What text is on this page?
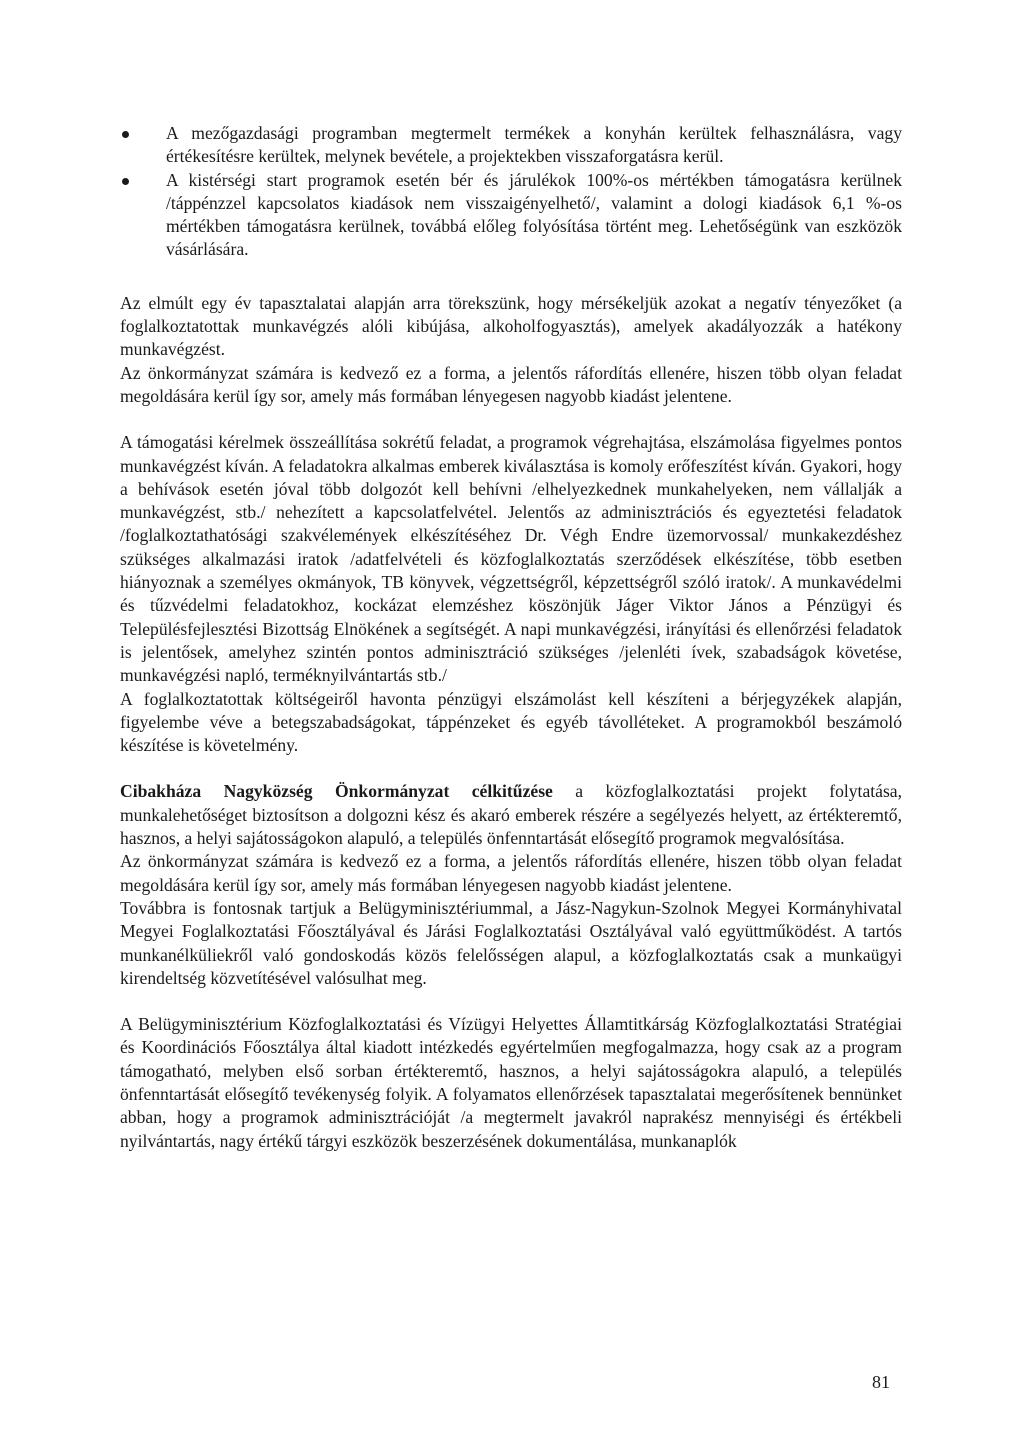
A mezőgazdasági programban megtermelt termékek a konyhán kerültek felhasználásra, vagy értékesítésre kerültek, melynek bevétele, a projektekben visszaforgatásra kerül.
A kistérségi start programok esetén bér és járulékok 100%-os mértékben támogatásra kerülnek /táppénzzel kapcsolatos kiadások nem visszaigényelhető/, valamint a dologi kiadások 6,1 %-os mértékben támogatásra kerülnek, továbbá előleg folyósítása történt meg. Lehetőségünk van eszközök vásárlására.

Az elmúlt egy év tapasztalatai alapján arra törekszünk, hogy mérsékeljük azokat a negatív tényezőket (a foglalkoztatottak munkavégzés alóli kibújása, alkoholfogyasztás), amelyek akadályozzák a hatékony munkavégzést.

Az önkormányzat számára is kedvező ez a forma, a jelentős ráfordítás ellenére, hiszen több olyan feladat megoldására kerül így sor, amely más formában lényegesen nagyobb kiadást jelentene.

A támogatási kérelmek összeállítása sokrétű feladat, a programok végrehajtása, elszámolása figyelmes pontos munkavégzést kíván. A feladatokra alkalmas emberek kiválasztása is komoly erőfeszítést kíván. Gyakori, hogy a behívások esetén jóval több dolgozót kell behívni /elhelyezkednek munkahelyeken, nem vállalják a munkavégzést, stb./ nehezített a kapcsolatfelvétel. Jelentős az adminisztrációs és egyeztetési feladatok /foglalkoztathatósági szakvélemények elkészítéséhez Dr. Végh Endre üzemorvossal/ munkakezdéshez szükséges alkalmazási iratok /adatfelvételi és közfoglalkoztatás szerződések elkészítése, több esetben hiányoznak a személyes okmányok, TB könyvek, végzettségről, képzettségről szóló iratok/. A munkavédelmi és tűzvédelmi feladatokhoz, kockázat elemzéshez köszönjük Jáger Viktor János a Pénzügyi és Településfejlesztési Bizottság Elnökének a segítségét. A napi munkavégzési, irányítási és ellenőrzési feladatok is jelentősek, amelyhez szintén pontos adminisztráció szükséges /jelenléti ívek, szabadságok követése, munkavégzési napló, terméknyilvántartás stb./

A foglalkoztatottak költségeiről havonta pénzügyi elszámolást kell készíteni a bérjegyzékek alapján, figyelembe véve a betegszabadságokat, táppénzeket és egyéb távolléteket. A programokból beszámoló készítése is követelmény.

Cibakháza Nagyközség Önkormányzat célkitűzése a közfoglalkoztatási projekt folytatása, munkalehetőséget biztosítson a dolgozni kész és akaró emberek részére a segélyezés helyett, az értékteremtő, hasznos, a helyi sajátosságokon alapuló, a település önfenntartását elősegítő programok megvalósítása.

Az önkormányzat számára is kedvező ez a forma, a jelentős ráfordítás ellenére, hiszen több olyan feladat megoldására kerül így sor, amely más formában lényegesen nagyobb kiadást jelentene.

Továbbra is fontosnak tartjuk a Belügyminisztériummal, a Jász-Nagykun-Szolnok Megyei Kormányhivatal Megyei Foglalkoztatási Főosztályával és Járási Foglalkoztatási Osztályával való együttműködést. A tartós munkanélküliekről való gondoskodás közös felelősségen alapul, a közfoglalkoztatás csak a munkaügyi kirendeltség közvetítésével valósulhat meg.

A Belügyminisztérium Közfoglalkoztatási és Vízügyi Helyettes Államtitkárság Közfoglalkoztatási Stratégiai és Koordinációs Főosztálya által kiadott intézkedés egyértelműen megfogalmazza, hogy csak az a program támogatható, melyben első sorban értékteremtő, hasznos, a helyi sajátosságokra alapuló, a település önfenntartását elősegítő tevékenység folyik. A folyamatos ellenőrzések tapasztalatai megerősítenek bennünket abban, hogy a programok adminisztrációját /a megtermelt javakról naprakész mennyiségi és értékbeli nyilvántartás, nagy értékű tárgyi eszközök beszerzésének dokumentálása, munkanaplók

81
